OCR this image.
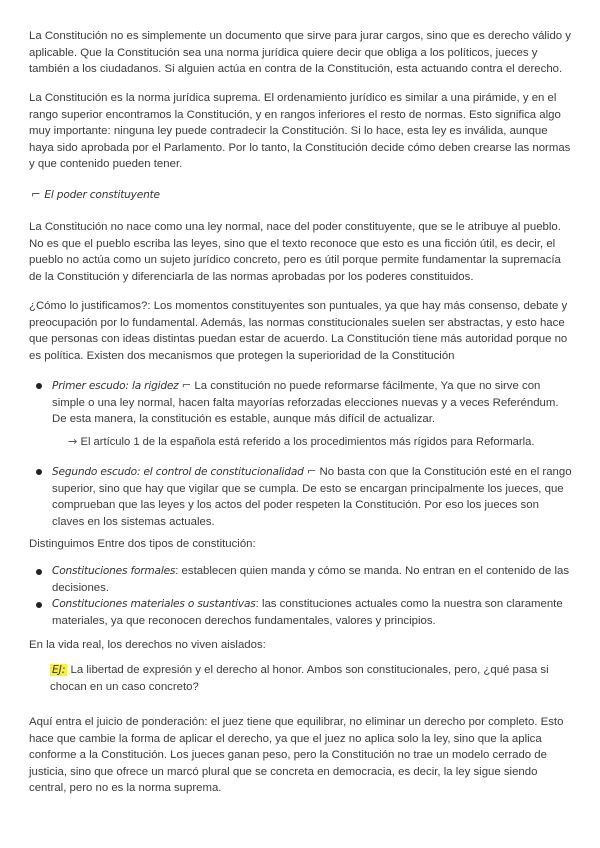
La Constitución no es simplemente un documento que sirve para jurar cargos, sino que es derecho válido y aplicable. Que la Constitución sea una norma jurídica quiere decir que obliga a los políticos, jueces y también a los ciudadanos. Si alguien actúa en contra de la Constitución, esta actuando contra el derecho.

La Constitución es la norma jurídica suprema. El ordenamiento jurídico es similar a una pirámide, y en el rango superior encontramos la Constitución, y en rangos inferiores el resto de normas. Esto significa algo muy importante: ninguna ley puede contradecir la Constitución. Si lo hace, esta ley es inválida, aunque haya sido aprobada por el Parlamento. Por lo tanto, la Constitución decide cómo deben crearse las normas y que contenido pueden tener.

⌐ El poder constituyente

La Constitución no nace como una ley normal, nace del poder constituyente, que se le atribuye al pueblo. No es que el pueblo escriba las leyes, sino que el texto reconoce que esto es una ficción útil, es decir, el pueblo no actúa como un sujeto jurídico concreto, pero es útil porque permite fundamentar la supremacía de la Constitución y diferenciarla de las normas aprobadas por los poderes constituidos.

¿Cómo lo justificamos?: Los momentos constituyentes son puntuales, ya que hay más consenso, debate y preocupación por lo fundamental. Además, las normas constitucionales suelen ser abstractas, y esto hace que personas con ideas distintas puedan estar de acuerdo. La Constitución tiene más autoridad porque no es política. Existen dos mecanismos que protegen la superioridad de la Constitución

Primer escudo: la rigidez ⌐ La constitución no puede reformarse fácilmente, Ya que no sirve con simple o una ley normal, hacen falta mayorías reforzadas elecciones nuevas y a veces Referéndum. De esta manera, la constitución es estable, aunque más difícil de actualizar.
→ El artículo 1 de la española está referido a los procedimientos más rígidos para Reformarla.
Segundo escudo: el control de constitucionalidad ⌐ No basta con que la Constitución esté en el rango superior, sino que hay que vigilar que se cumpla. De esto se encargan principalmente los jueces, que comprueban que las leyes y los actos del poder respeten la Constitución. Por eso los jueces son claves en los sistemas actuales.

Distinguimos Entre dos tipos de constitución:

Constituciones formales: establecen quien manda y cómo se manda. No entran en el contenido de las decisiones.
Constituciones materiales o sustantivas: las constituciones actuales como la nuestra son claramente materiales, ya que reconocen derechos fundamentales, valores y principios.

En la vida real, los derechos no viven aislados:

EJ: La libertad de expresión y el derecho al honor. Ambos son constitucionales, pero, ¿qué pasa si chocan en un caso concreto?

Aquí entra el juicio de ponderación: el juez tiene que equilibrar, no eliminar un derecho por completo. Esto hace que cambie la forma de aplicar el derecho, ya que el juez no aplica solo la ley, sino que la aplica conforme a la Constitución. Los jueces ganan peso, pero la Constitución no trae un modelo cerrado de justicia, sino que ofrece un marcó plural que se concreta en democracia, es decir, la ley sigue siendo central, pero no es la norma suprema.
